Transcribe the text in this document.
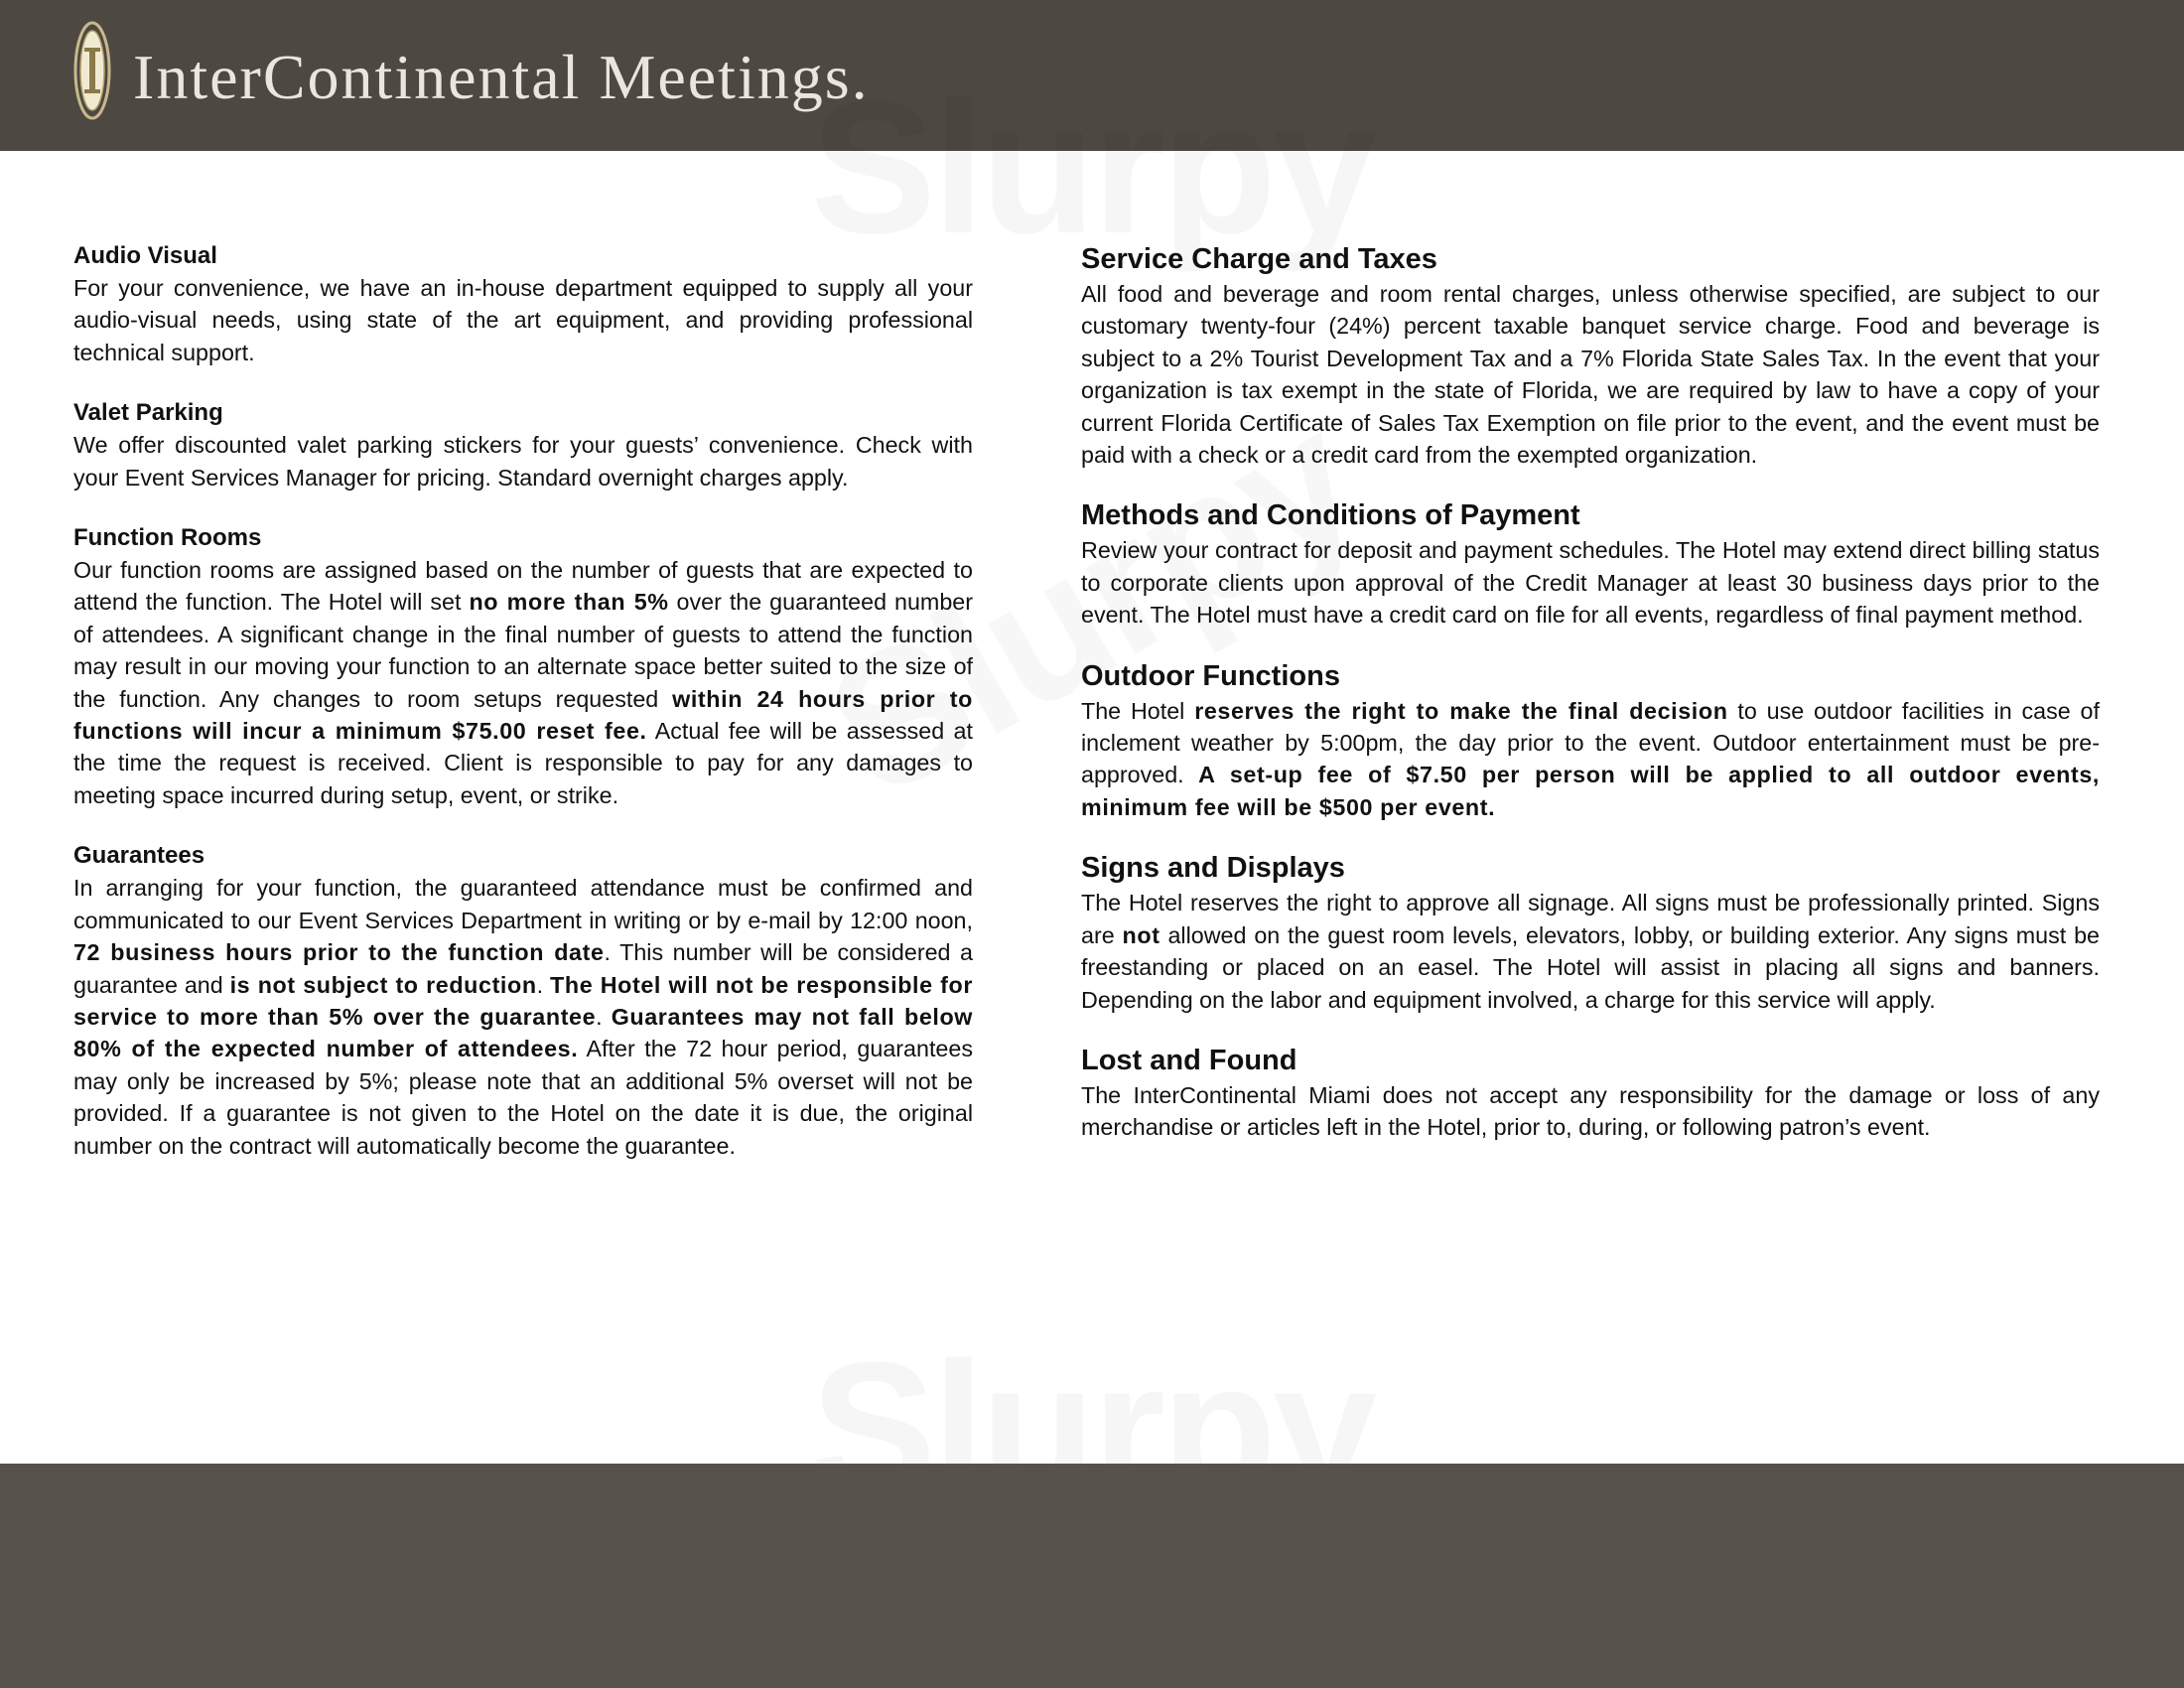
InterContinental Meetings.
Audio Visual
For your convenience, we have an in-house department equipped to supply all your audio-visual needs, using state of the art equipment, and providing professional technical support.
Valet Parking
We offer discounted valet parking stickers for your guests’ convenience. Check with your Event Services Manager for pricing. Standard overnight charges apply.
Function Rooms
Our function rooms are assigned based on the number of guests that are expected to attend the function. The Hotel will set no more than 5% over the guaranteed number of attendees. A significant change in the final number of guests to attend the function may result in our moving your function to an alternate space better suited to the size of the function. Any changes to room setups requested within 24 hours prior to functions will incur a minimum $75.00 reset fee. Actual fee will be assessed at the time the request is received. Client is responsible to pay for any damages to meeting space incurred during setup, event, or strike.
Guarantees
In arranging for your function, the guaranteed attendance must be confirmed and communicated to our Event Services Department in writing or by e-mail by 12:00 noon, 72 business hours prior to the function date. This number will be considered a guarantee and is not subject to reduction. The Hotel will not be responsible for service to more than 5% over the guarantee. Guarantees may not fall below 80% of the expected number of attendees. After the 72 hour period, guarantees may only be increased by 5%; please note that an additional 5% overset will not be provided. If a guarantee is not given to the Hotel on the date it is due, the original number on the contract will automatically become the guarantee.
Service Charge and Taxes
All food and beverage and room rental charges, unless otherwise specified, are subject to our customary twenty-four (24%) percent taxable banquet service charge. Food and beverage is subject to a 2% Tourist Development Tax and a 7% Florida State Sales Tax. In the event that your organization is tax exempt in the state of Florida, we are required by law to have a copy of your current Florida Certificate of Sales Tax Exemption on file prior to the event, and the event must be paid with a check or a credit card from the exempted organization.
Methods and Conditions of Payment
Review your contract for deposit and payment schedules. The Hotel may extend direct billing status to corporate clients upon approval of the Credit Manager at least 30 business days prior to the event. The Hotel must have a credit card on file for all events, regardless of final payment method.
Outdoor Functions
The Hotel reserves the right to make the final decision to use outdoor facilities in case of inclement weather by 5:00pm, the day prior to the event. Outdoor entertainment must be pre-approved. A set-up fee of $7.50 per person will be applied to all outdoor events, minimum fee will be $500 per event.
Signs and Displays
The Hotel reserves the right to approve all signage. All signs must be professionally printed. Signs are not allowed on the guest room levels, elevators, lobby, or building exterior. Any signs must be freestanding or placed on an easel. The Hotel will assist in placing all signs and banners. Depending on the labor and equipment involved, a charge for this service will apply.
Lost and Found
The InterContinental Miami does not accept any responsibility for the damage or loss of any merchandise or articles left in the Hotel, prior to, during, or following patron’s event.
